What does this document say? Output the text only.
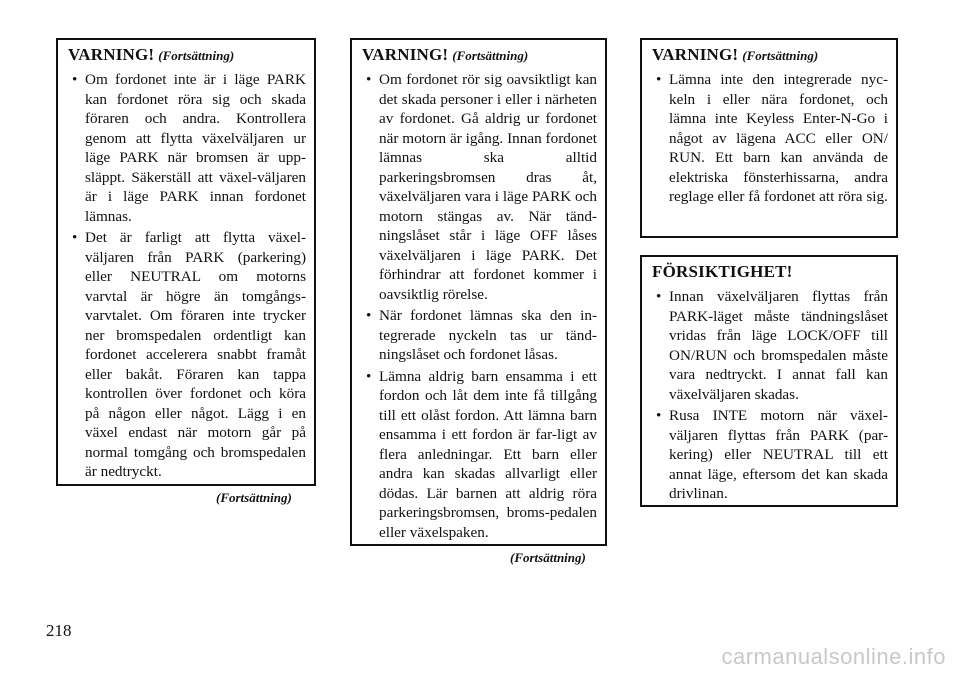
VARNING! (Fortsättning)
• Om fordonet inte är i läge PARK kan fordonet röra sig och skada föraren och andra. Kontrollera genom att flytta växelväljaren ur läge PARK när bromsen är upp-släppt. Säkerställ att växel-väljaren är i läge PARK innan fordonet lämnas.
• Det är farligt att flytta växel-väljaren från PARK (parkering) eller NEUTRAL om motorns varvtal är högre än tomgångs-varvtalet. Om föraren inte trycker ner bromspedalen ordentligt kan fordonet accelerera snabbt framåt eller bakåt. Föraren kan tappa kontrollen över fordonet och köra på någon eller något. Lägg i en växel endast när motorn går på normal tomgång och bromspedalen är nedtryckt.
(Fortsättning)
VARNING! (Fortsättning)
• Om fordonet rör sig oavsiktligt kan det skada personer i eller i närheten av fordonet. Gå aldrig ur fordonet när motorn är igång. Innan fordonet lämnas ska alltid parkeringsbromsen dras åt, växelväljaren vara i läge PARK och motorn stängas av. När tänd-ningslåset står i läge OFF låses växelväljaren i läge PARK. Det förhindrar att fordonet kommer i oavsiktlig rörelse.
• När fordonet lämnas ska den in-tegrerade nyckeln tas ur tänd-ningslåset och fordonet låsas.
• Lämna aldrig barn ensamma i ett fordon och låt dem inte få tillgång till ett olåst fordon. Att lämna barn ensamma i ett fordon är far-ligt av flera anledningar. Ett barn eller andra kan skadas allvarligt eller dödas. Lär barnen att aldrig röra parkeringsbromsen, broms-pedalen eller växelspaken.
(Fortsättning)
VARNING! (Fortsättning)
• Lämna inte den integrerade nyc-keln i eller nära fordonet, och lämna inte Keyless Enter-N-Go i något av lägena ACC eller ON/ RUN. Ett barn kan använda de elektriska fönsterhissarna, andra reglage eller få fordonet att röra sig.
FÖRSIKTIGHET!
• Innan växelväljaren flyttas från PARK-läget måste tändningslåset vridas från läge LOCK/OFF till ON/RUN och bromspedalen måste vara nedtryckt. I annat fall kan växelväljaren skadas.
• Rusa INTE motorn när växel-väljaren flyttas från PARK (par-kering) eller NEUTRAL till ett annat läge, eftersom det kan skada drivlinan.
218
carmanualsonline.info
